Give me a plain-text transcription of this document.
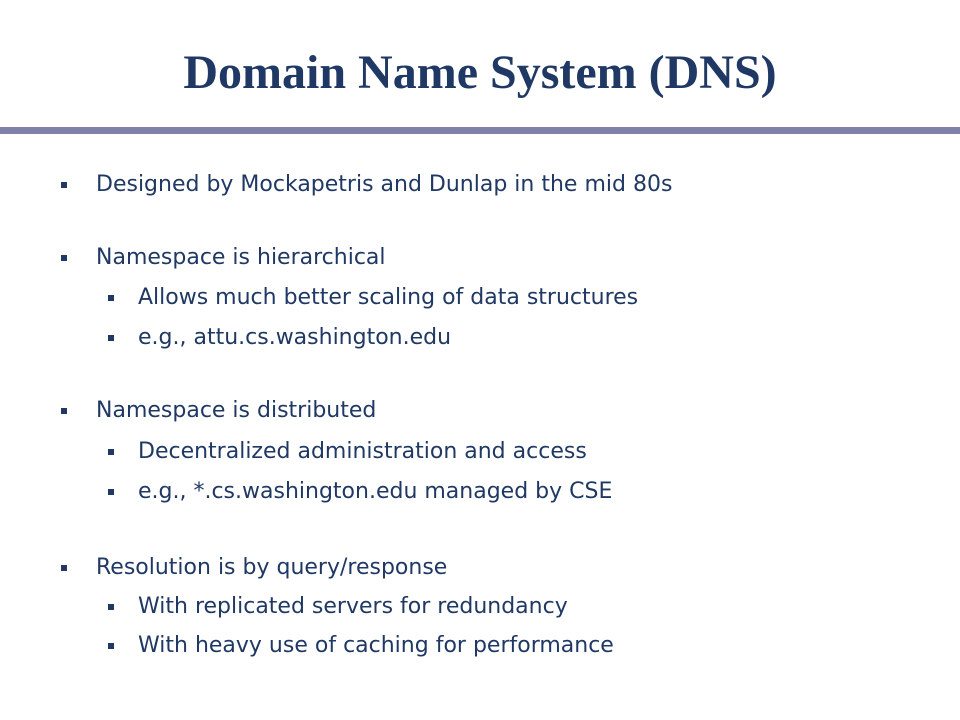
Domain Name System (DNS)
Designed by Mockapetris and Dunlap in the mid 80s
Namespace is hierarchical
Allows much better scaling of data structures
e.g., attu.cs.washington.edu
Namespace is distributed
Decentralized administration and access
e.g., *.cs.washington.edu managed by CSE
Resolution is by query/response
With replicated servers for redundancy
With heavy use of caching for performance
